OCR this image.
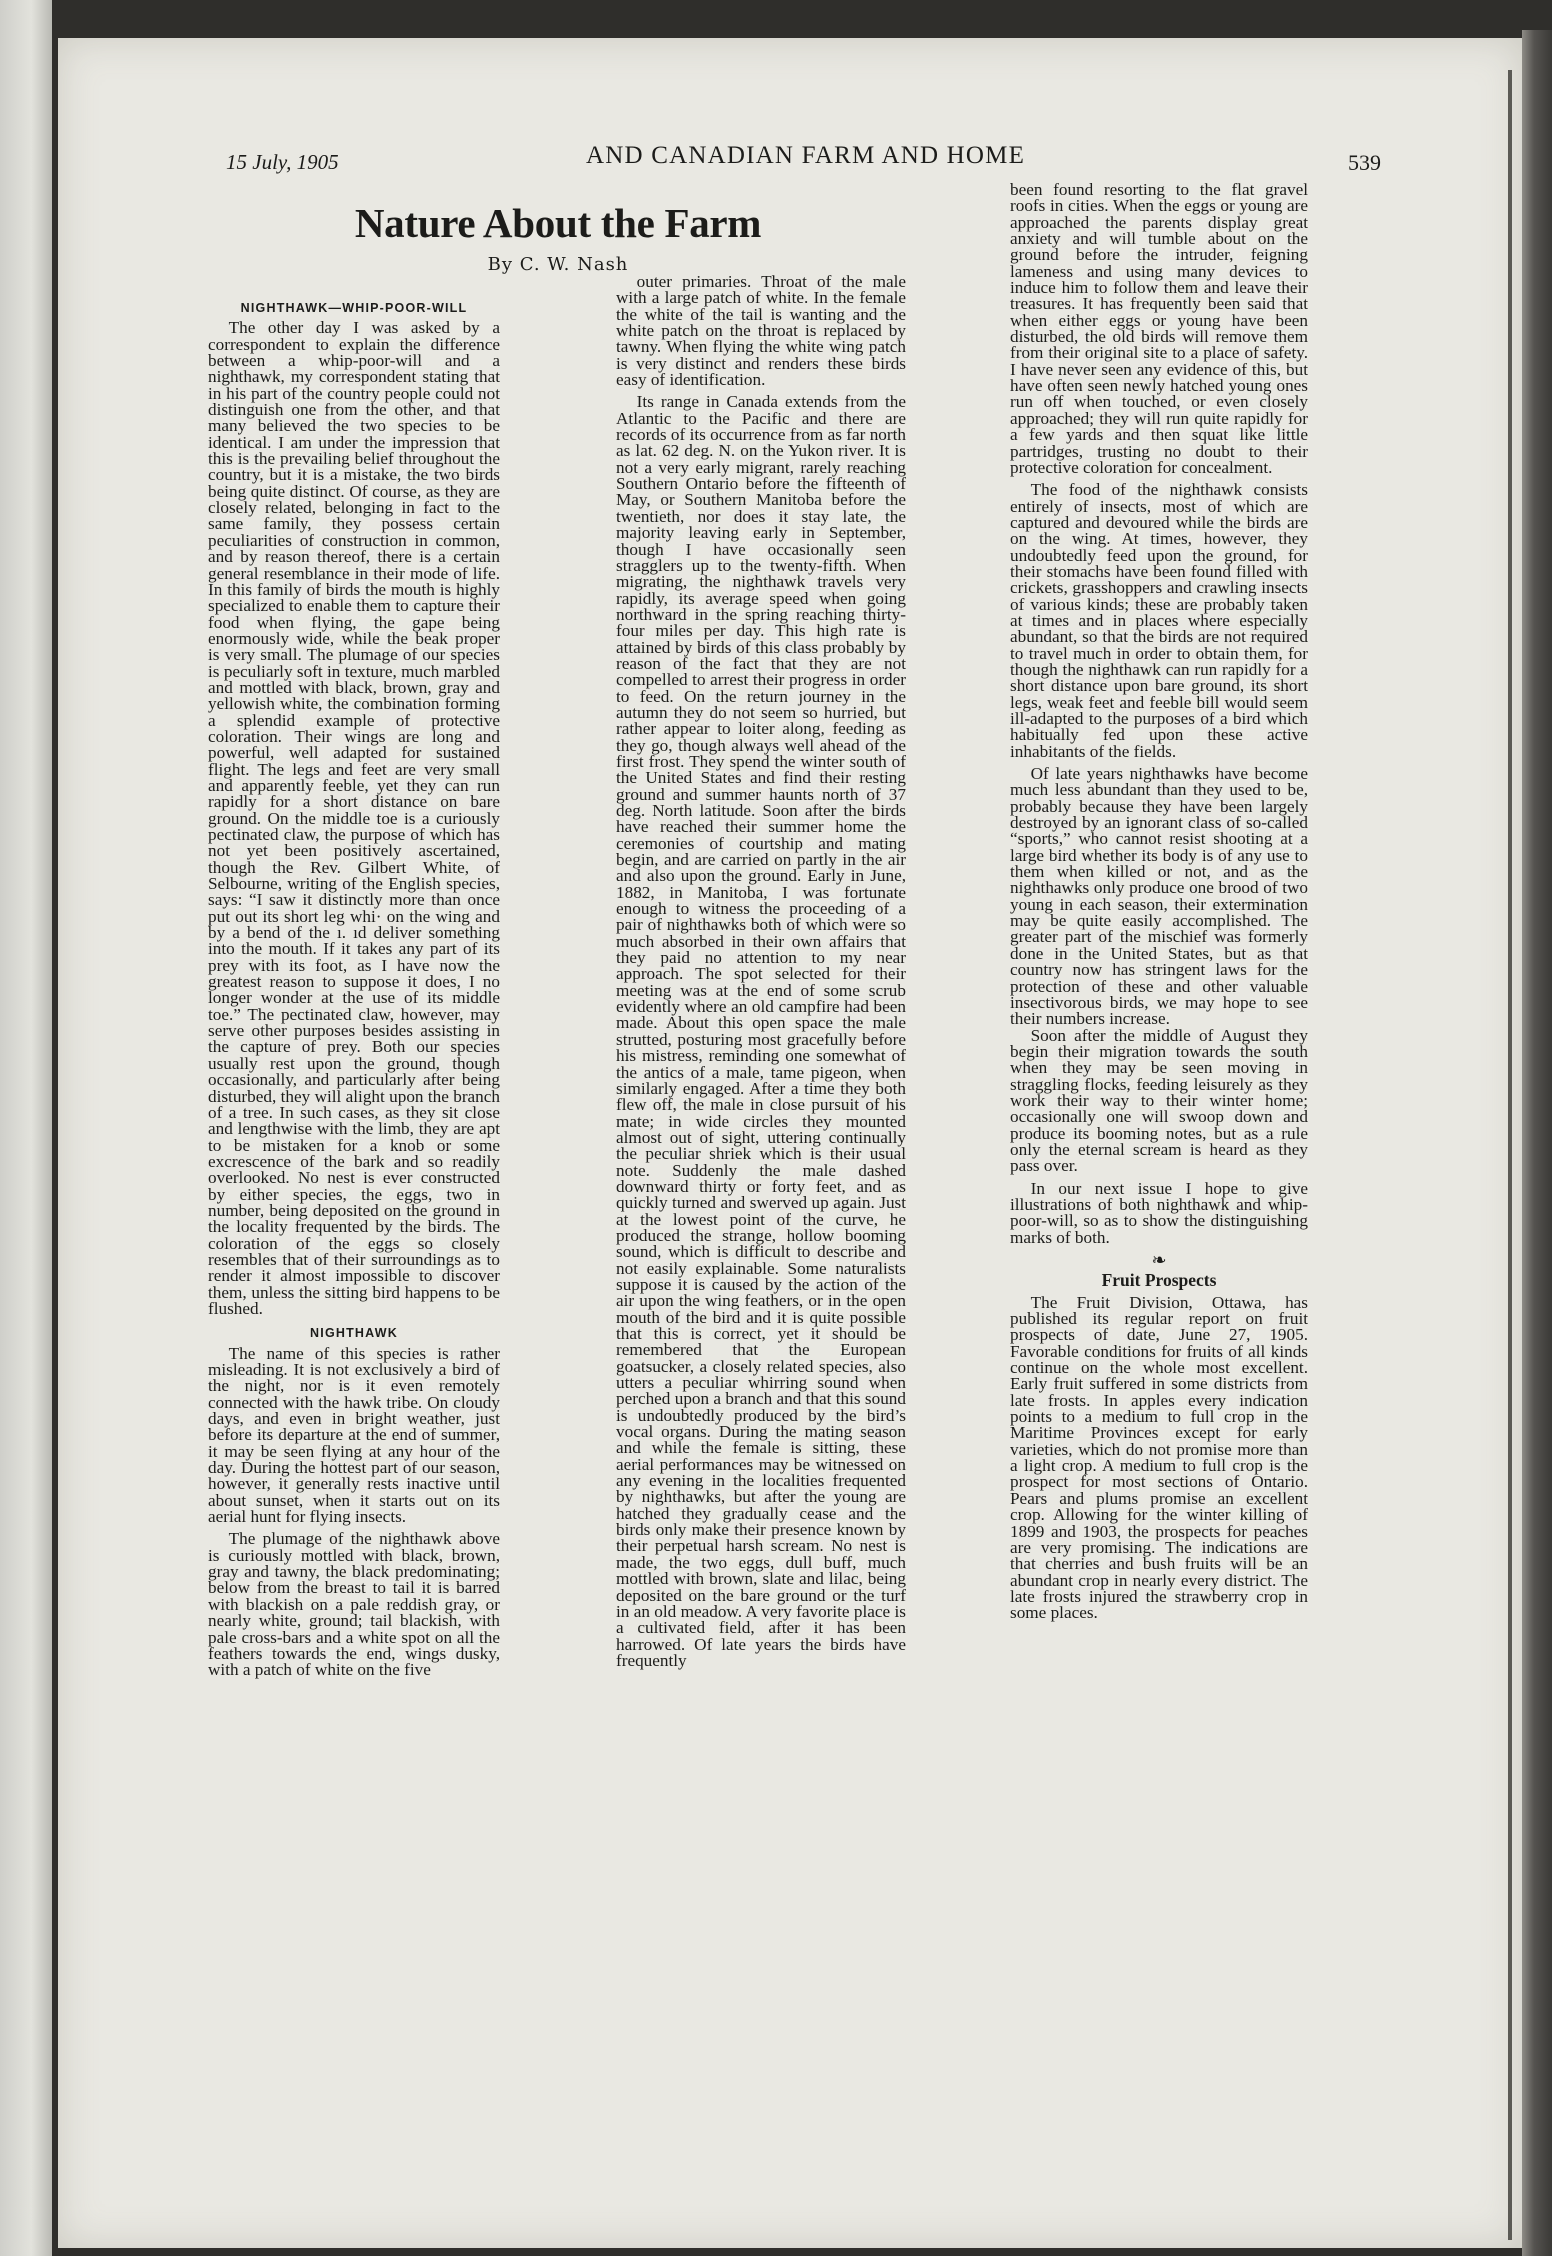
15 July, 1905	AND CANADIAN FARM AND HOME	539
Nature About the Farm
By C. W. Nash
NIGHTHAWK—WHIP-POOR-WILL

The other day I was asked by a correspondent to explain the difference between a whip-poor-will and a nighthawk, my correspondent stating that in his part of the country people could not distinguish one from the other, and that many believed the two species to be identical. I am under the impression that this is the prevailing belief throughout the country, but it is a mistake, the two birds being quite distinct. Of course, as they are closely related, belonging in fact to the same family, they possess certain peculiarities of construction in common, and by reason thereof, there is a certain general resemblance in their mode of life. In this family of birds the mouth is highly specialized to enable them to capture their food when flying, the gape being enormously wide, while the beak proper is very small. The plumage of our species is peculiarly soft in texture, much marbled and mottled with black, brown, gray and yellowish white, the combination forming a splendid example of protective coloration. Their wings are long and powerful, well adapted for sustained flight. The legs and feet are very small and apparently feeble, yet they can run rapidly for a short distance on bare ground. On the middle toe is a curiously pectinated claw, the purpose of which has not yet been positively ascertained, though the Rev. Gilbert White, of Selbourne, writing of the English species, says: “I saw it distinctly more than once put out its short leg whi· on the wing and by a bend of the ı. ıd deliver something into the mouth. If it takes any part of its prey with its foot, as I have now the greatest reason to suppose it does, I no longer wonder at the use of its middle toe.” The pectinated claw, however, may serve other purposes besides assisting in the capture of prey. Both our species usually rest upon the ground, though occasionally, and particularly after being disturbed, they will alight upon the branch of a tree. In such cases, as they sit close and lengthwise with the limb, they are apt to be mistaken for a knob or some excrescence of the bark and so readily overlooked. No nest is ever constructed by either species, the eggs, two in number, being deposited on the ground in the locality frequented by the birds. The coloration of the eggs so closely resembles that of their surroundings as to render it almost impossible to discover them, unless the sitting bird happens to be flushed.

NIGHTHAWK

The name of this species is rather misleading. It is not exclusively a bird of the night, nor is it even remotely connected with the hawk tribe. On cloudy days, and even in bright weather, just before its departure at the end of summer, it may be seen flying at any hour of the day. During the hottest part of our season, however, it generally rests inactive until about sunset, when it starts out on its aerial hunt for flying insects.

The plumage of the nighthawk above is curiously mottled with black, brown, gray and tawny, the black predominating; below from the breast to tail it is barred with blackish on a pale reddish gray, or nearly white, ground; tail blackish, with pale cross-bars and a white spot on all the feathers towards the end, wings dusky, with a patch of white on the five

outer primaries. Throat of the male with a large patch of white. In the female the white of the tail is wanting and the white patch on the throat is replaced by tawny. When flying the white wing patch is very distinct and renders these birds easy of identification.

Its range in Canada extends from the Atlantic to the Pacific and there are records of its occurrence from as far north as lat. 62 deg. N. on the Yukon river. It is not a very early migrant, rarely reaching Southern Ontario before the fifteenth of May, or Southern Manitoba before the twentieth, nor does it stay late, the majority leaving early in September, though I have occasionally seen stragglers up to the twenty-fifth. When migrating, the nighthawk travels very rapidly, its average speed when going northward in the spring reaching thirty-four miles per day. This high rate is attained by birds of this class probably by reason of the fact that they are not compelled to arrest their progress in order to feed. On the return journey in the autumn they do not seem so hurried, but rather appear to loiter along, feeding as they go, though always well ahead of the first frost. They spend the winter south of the United States and find their resting ground and summer haunts north of 37 deg. North latitude. Soon after the birds have reached their summer home the ceremonies of courtship and mating begin, and are carried on partly in the air and also upon the ground. Early in June, 1882, in Manitoba, I was fortunate enough to witness the proceeding of a pair of nighthawks both of which were so much absorbed in their own affairs that they paid no attention to my near approach. The spot selected for their meeting was at the end of some scrub evidently where an old campfire had been made. About this open space the male strutted, posturing most gracefully before his mistress, reminding one somewhat of the antics of a male, tame pigeon, when similarly engaged. After a time they both flew off, the male in close pursuit of his mate; in wide circles they mounted almost out of sight, uttering continually the peculiar shriek which is their usual note. Suddenly the male dashed downward thirty or forty feet, and as quickly turned and swerved up again. Just at the lowest point of the curve, he produced the strange, hollow booming sound, which is difficult to describe and not easily explainable. Some naturalists suppose it is caused by the action of the air upon the wing feathers, or in the open mouth of the bird and it is quite possible that this is correct, yet it should be remembered that the European goatsucker, a closely related species, also utters a peculiar whirring sound when perched upon a branch and that this sound is undoubtedly produced by the bird’s vocal organs. During the mating season and while the female is sitting, these aerial performances may be witnessed on any evening in the localities frequented by nighthawks, but after the young are hatched they gradually cease and the birds only make their presence known by their perpetual harsh scream. No nest is made, the two eggs, dull buff, much mottled with brown, slate and lilac, being deposited on the bare ground or the turf in an old meadow. A very favorite place is a cultivated field, after it has been harrowed. Of late years the birds have frequently

been found resorting to the flat gravel roofs in cities. When the eggs or young are approached the parents display great anxiety and will tumble about on the ground before the intruder, feigning lameness and using many devices to induce him to follow them and leave their treasures. It has frequently been said that when either eggs or young have been disturbed, the old birds will remove them from their original site to a place of safety. I have never seen any evidence of this, but have often seen newly hatched young ones run off when touched, or even closely approached; they will run quite rapidly for a few yards and then squat like little partridges, trusting no doubt to their protective coloration for concealment.

The food of the nighthawk consists entirely of insects, most of which are captured and devoured while the birds are on the wing. At times, however, they undoubtedly feed upon the ground, for their stomachs have been found filled with crickets, grasshoppers and crawling insects of various kinds; these are probably taken at times and in places where especially abundant, so that the birds are not required to travel much in order to obtain them, for though the nighthawk can run rapidly for a short distance upon bare ground, its short legs, weak feet and feeble bill would seem ill-adapted to the purposes of a bird which habitually fed upon these active inhabitants of the fields.

Of late years nighthawks have become much less abundant than they used to be, probably because they have been largely destroyed by an ignorant class of so-called “sports,” who cannot resist shooting at a large bird whether its body is of any use to them when killed or not, and as the nighthawks only produce one brood of two young in each season, their extermination may be quite easily accomplished. The greater part of the mischief was formerly done in the United States, but as that country now has stringent laws for the protection of these and other valuable insectivorous birds, we may hope to see their numbers increase.

Soon after the middle of August they begin their migration towards the south when they may be seen moving in straggling flocks, feeding leisurely as they work their way to their winter home; occasionally one will swoop down and produce its booming notes, but as a rule only the eternal scream is heard as they pass over.

In our next issue I hope to give illustrations of both nighthawk and whip-poor-will, so as to show the distinguishing marks of both.

❧
Fruit Prospects

The Fruit Division, Ottawa, has published its regular report on fruit prospects of date, June 27, 1905. Favorable conditions for fruits of all kinds continue on the whole most excellent. Early fruit suffered in some districts from late frosts. In apples every indication points to a medium to full crop in the Maritime Provinces except for early varieties, which do not promise more than a light crop. A medium to full crop is the prospect for most sections of Ontario. Pears and plums promise an excellent crop. Allowing for the winter killing of 1899 and 1903, the prospects for peaches are very promising. The indications are that cherries and bush fruits will be an abundant crop in nearly every district. The late frosts injured the strawberry crop in some places.
